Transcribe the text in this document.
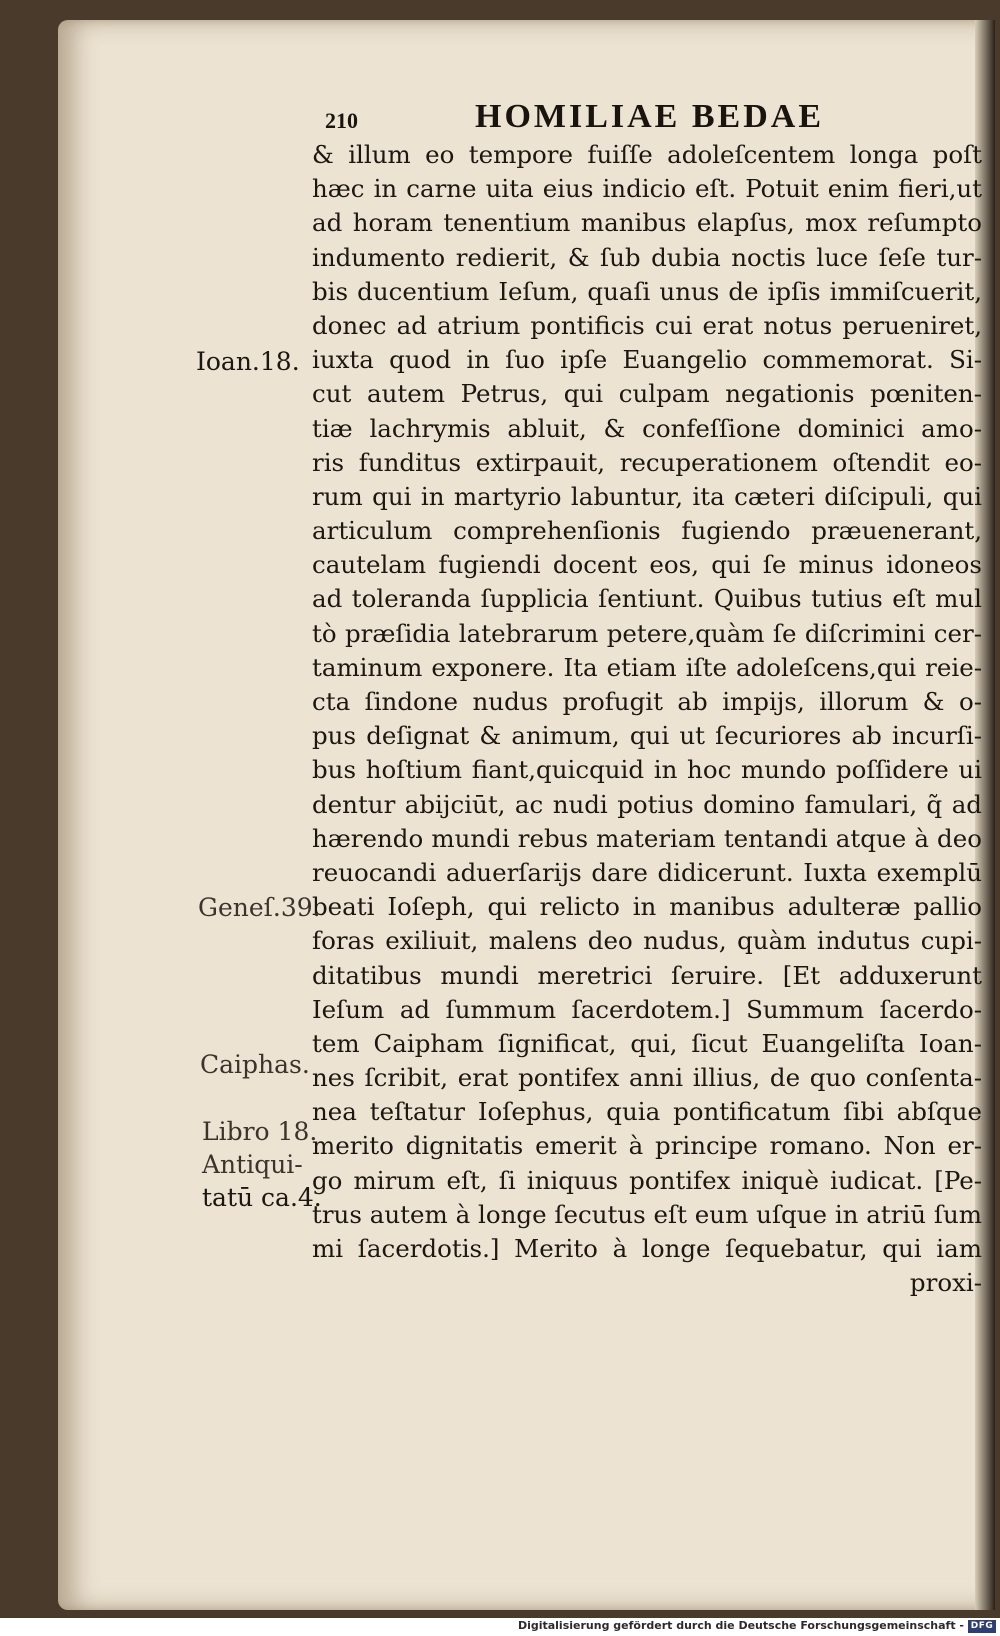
210	HOMILIAE BEDAE
& illum eo tempore fuiſſe adoleſcentem longa poſt
hæc in carne uita eius indicio eſt. Potuit enim fieri,ut
ad horam tenentium manibus elapſus, mox reſumpto
indumento redierit, & ſub dubia noctis luce ſeſe tur-
bis ducentium Ieſum, quaſi unus de ipſis immiſcuerit,
donec ad atrium pontificis cui erat notus perueniret,
iuxta quod in ſuo ipſe Euangelio commemorat. Si-
cut autem Petrus, qui culpam negationis pœniten-
tiæ lachrymis abluit, & confeſſione dominici amo-
ris funditus extirpauit, recuperationem oſtendit eo-
rum qui in martyrio labuntur, ita cæteri diſcipuli, qui
articulum comprehenſionis fugiendo præuenerant,
cautelam fugiendi docent eos, qui ſe minus idoneos
ad toleranda ſupplicia ſentiunt. Quibus tutius eſt mul
tò præſidia latebrarum petere,quàm ſe diſcrimini cer-
taminum exponere. Ita etiam iſte adoleſcens,qui reie-
cta ſindone nudus profugit ab impijs, illorum & o-
pus deſignat & animum, qui ut ſecuriores ab incurſi-
bus hoſtium fiant,quicquid in hoc mundo poſſidere ui
dentur abijciūt, ac nudi potius domino famulari, q̃ ad
hærendo mundi rebus materiam tentandi atque à deo
reuocandi aduerſarijs dare didicerunt. Iuxta exemplū
beati Ioſeph, qui relicto in manibus adulteræ pallio
foras exiliuit, malens deo nudus, quàm indutus cupi-
ditatibus mundi meretrici ſeruire. [Et adduxerunt
Ieſum ad ſummum ſacerdotem.] Summum ſacerdo-
tem Caipham ſignificat, qui, ſicut Euangeliſta Ioan-
nes ſcribit, erat pontifex anni illius, de quo conſenta-
nea teſtatur Ioſephus, quia pontificatum ſibi abſque
merito dignitatis emerit à principe romano. Non er-
go mirum eſt, ſi iniquus pontifex iniquè iudicat. [Pe-
trus autem à longe ſecutus eſt eum uſque in atriū ſum
mi ſacerdotis.] Merito à longe ſequebatur, qui iam
proxi-
Ioan.18.
Geneſ.39.
Caiphas.
Libro 18.
Antiqui-
tatū ca.4.
Digitalisierung gefördert durch die Deutsche Forschungsgemeinschaft - DFG
